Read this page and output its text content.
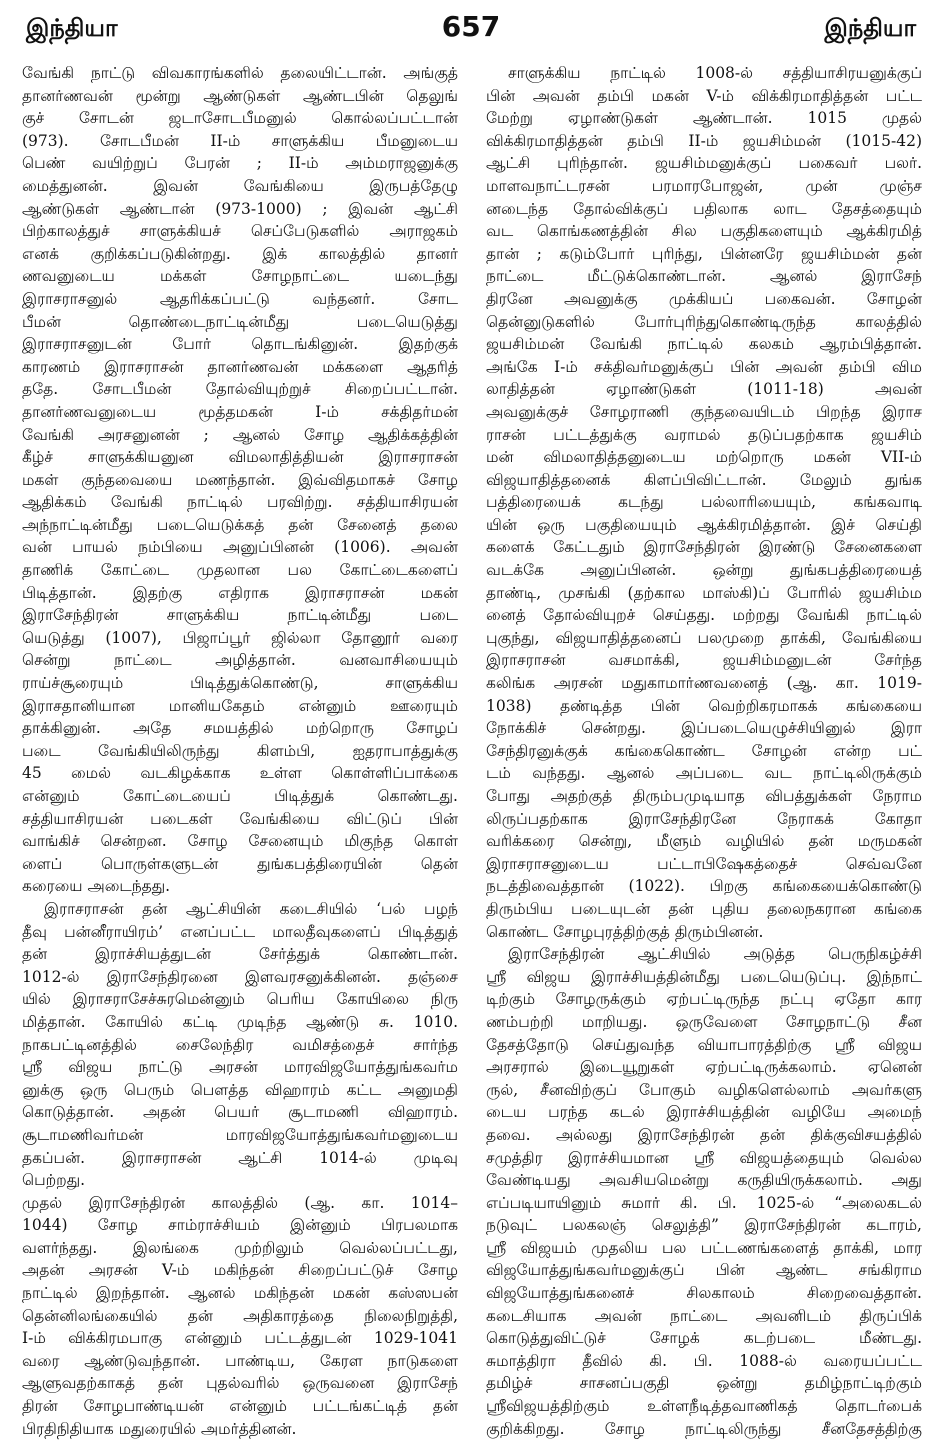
இந்தியா	657	இந்தியா
வேங்கி நாட்டு விவகாரங்களில் தலையிட்டான். அங்குத்
தானர்ணவன் மூன்று ஆண்டுகள் ஆண்டபின் தெலுங்
குச் சோடன் ஜடாசோடபீமனுல் கொல்லப்பட்டான்
(973). சோடபீமன் II-ம் சாளுக்கிய பீமனுடைய
பெண் வயிற்றுப் பேரன் ; II-ம் அம்மராஜனுக்கு
மைத்துனன். இவன் வேங்கியை இருபத்தேழு
ஆண்டுகள் ஆண்டான் (973-1000) ; இவன் ஆட்சி
பிற்காலத்துச் சாளுக்கியச் செப்பேடுகளில் அராஜகம்
எனக் குறிக்கப்படுகின்றது. இக் காலத்தில் தானர்
ணவனுடைய மக்கள் சோழநாட்டை யடைந்து
இராசராசனுல் ஆதரிக்கப்பட்டு வந்தனர். சோட
பீமன் தொண்டைநாட்டின்மீது படையெடுத்து
இராசராசனுடன் போர் தொடங்கினுன். இதற்குக்
காரணம் இராசராசன் தானர்ணவன் மக்களை ஆதரித்
ததே. சோடபீமன் தோல்வியுற்றுச் சிறைப்பட்டான்.
தானர்ணவனுடைய மூத்தமகன் I-ம் சக்திதர்மன்
வேங்கி அரசனுனன் ; ஆனல் சோழ ஆதிக்கத்தின்
கீழ்ச் சாளுக்கியனுன விமலாதித்தியன் இராசராசன்
மகள் குந்தவையை மணந்தான். இவ்விதமாகச் சோழ
ஆதிக்கம் வேங்கி நாட்டில் பரவிற்று. சத்தியாசிரயன்
அந்நாட்டின்மீது படையெடுக்கத் தன் சேனைத் தலை
வன் பாயல் நம்பியை அனுப்பினன் (1006). அவன்
தாணிக் கோட்டை முதலான பல கோட்டைகளைப்
பிடித்தான். இதற்கு எதிராக இராசராசன் மகன்
இராசேந்திரன் சாளுக்கிய நாட்டின்மீது படை
யெடுத்து (1007), பிஜாப்பூர் ஜில்லா தோனூர் வரை
சென்று நாட்டை அழித்தான். வனவாசியையும்
ராய்ச்சூரையும் பிடித்துக்கொண்டு, சாளுக்கிய
இராசதானியான மானியகேதம் என்னும் ஊரையும்
தாக்கினுன். அதே சமயத்தில் மற்றொரு சோழப்
படை வேங்கியிலிருந்து கிளம்பி, ஐதராபாத்துக்கு
45 மைல் வடகிழக்காக உள்ள கொள்ளிப்பாக்கை
என்னும் கோட்டையைப் பிடித்துக் கொண்டது.
சத்தியாசிரயன் படைகள் வேங்கியை விட்டுப் பின்
வாங்கிச் சென்றன. சோழ சேனையும் மிகுந்த கொள்
ளைப் பொருள்களுடன் துங்கபத்திரையின் தென்
கரையை அடைந்தது.
இராசராசன் தன் ஆட்சியின் கடைசியில் ‘பல் பழந்
தீவு பன்னீராயிரம்’ எனப்பட்ட மாலதீவுகளைப் பிடித்துத்
தன் இராச்சியத்துடன் சேர்த்துக் கொண்டான்.
1012-ல் இராசேந்திரனை இளவரசனுக்கினன். தஞ்சை
யில் இராசராசேச்சுரமென்னும் பெரிய கோயிலை நிரு
மித்தான். கோயில் கட்டி முடிந்த ஆண்டு சு. 1010.
நாகபட்டினத்தில் சைலேந்திர வமிசத்தைச் சார்ந்த
ஸ்ரீ விஜய நாட்டு அரசன் மாரவிஜயோத்துங்கவர்ம
னுக்கு ஒரு பெரும் பௌத்த விஹாரம் கட்ட அனுமதி
கொடுத்தான். அதன் பெயர் சூடாமணி விஹாரம்.
சூடாமணிவர்மன் மாரவிஜயோத்துங்கவர்மனுடைய
தகப்பன். இராசராசன் ஆட்சி 1014-ல் முடிவு
பெற்றது.
முதல் இராசேந்திரன் காலத்தில் (ஆ. கா. 1014–
1044) சோழ சாம்ராச்சியம் இன்னும் பிரபலமாக
வளர்ந்தது. இலங்கை முற்றிலும் வெல்லப்பட்டது,
அதன் அரசன் V-ம் மகிந்தன் சிறைப்பட்டுச் சோழ
நாட்டில் இறந்தான். ஆனல் மகிந்தன் மகன் கஸ்ஸபன்
தென்னிலங்கையில் தன் அதிகாரத்தை நிலைநிறுத்தி,
I-ம் விக்கிரமபாகு என்னும் பட்டத்துடன் 1029-1041
வரை ஆண்டுவந்தான். பாண்டிய, கேரள நாடுகளை
ஆளுவதற்காகத் தன் புதல்வரில் ஒருவனை இராசேந்
திரன் சோழபாண்டியன் என்னும் பட்டங்கட்டித் தன்
பிரதிநிதியாக மதுரையில் அமர்த்தினன்.
சாளுக்கிய நாட்டில் 1008-ல் சத்தியாசிரயனுக்குப்
பின் அவன் தம்பி மகன் V-ம் விக்கிரமாதித்தன் பட்ட
மேற்று ஏழாண்டுகள் ஆண்டான். 1015 முதல்
விக்கிரமாதித்தன் தம்பி II-ம் ஜயசிம்மன் (1015-42)
ஆட்சி புரிந்தான். ஜயசிம்மனுக்குப் பகைவர் பலர்.
மாளவநாட்டரசன் பரமாரபோஜன், முன் முஞ்ச
னடைந்த தோல்விக்குப் பதிலாக லாட தேசத்தையும்
வட கொங்கணத்தின் சில பகுதிகளையும் ஆக்கிரமித்
தான் ; கடும்போர் புரிந்து, பின்னரே ஜயசிம்மன் தன்
நாட்டை மீட்டுக்கொண்டான். ஆனல் இராசேந்
திரனே அவனுக்கு முக்கியப் பகைவன். சோழன்
தென்னுடுகளில் போர்புரிந்துகொண்டிருந்த காலத்தில்
ஜயசிம்மன் வேங்கி நாட்டில் கலகம் ஆரம்பித்தான்.
அங்கே I-ம் சக்திவர்மனுக்குப் பின் அவன் தம்பி விம
லாதித்தன் ஏழாண்டுகள் (1011-18) அவன்
அவனுக்குச் சோழராணி குந்தவையிடம் பிறந்த இராச
ராசன் பட்டத்துக்கு வராமல் தடுப்பதற்காக ஜயசிம்
மன் விமலாதித்தனுடைய மற்றொரு மகன் VII-ம்
விஜயாதித்தனைக் கிளப்பிவிட்டான். மேலும் துங்க
பத்திரையைக் கடந்து பல்லாரியையும், கங்கவாடி
யின் ஒரு பகுதியையும் ஆக்கிரமித்தான். இச் செய்தி
களைக் கேட்டதும் இராசேந்திரன் இரண்டு சேனைகளை
வடக்கே அனுப்பினன். ஒன்று துங்கபத்திரையைத்
தாண்டி, முசங்கி (தற்கால மாஸ்கி)ப் போரில் ஜயசிம்ம
னைத் தோல்வியுறச் செய்தது. மற்றது வேங்கி நாட்டில்
புகுந்து, விஜயாதித்தனைப் பலமுறை தாக்கி, வேங்கியை
இராசராசன் வசமாக்கி, ஜயசிம்மனுடன் சேர்ந்த
கலிங்க அரசன் மதுகாமார்ணவனைத் (ஆ. கா. 1019-
1038) தண்டித்த பின் வெற்றிகரமாகக் கங்கையை
நோக்கிச் சென்றது. இப்படையெழுச்சியினுல் இரா
சேந்திரனுக்குக் கங்கைகொண்ட சோழன் என்ற பட்
டம் வந்தது. ஆனல் அப்படை வட நாட்டிலிருக்கும்
போது அதற்குத் திரும்பமுடியாத விபத்துக்கள் நேராம
லிருப்பதற்காக இராசேந்திரனே நேராகக் கோதா
வரிக்கரை சென்று, மீளும் வழியில் தன் மருமகன்
இராசராசனுடைய பட்டாபிஷேகத்தைச் செவ்வனே
நடத்திவைத்தான் (1022). பிறகு கங்கையைக்கொண்டு
திரும்பிய படையுடன் தன் புதிய தலைநகரான கங்கை
கொண்ட சோழபுரத்திற்குத் திரும்பினன்.
இராசேந்திரன் ஆட்சியில் அடுத்த பெருநிகழ்ச்சி
ஸ்ரீ விஜய இராச்சியத்தின்மீது படையெடுப்பு. இந்நாட்
டிற்கும் சோழருக்கும் ஏற்பட்டிருந்த நட்பு ஏதோ கார
ணம்பற்றி மாறியது. ஒருவேளை சோழநாட்டு சீன
தேசத்தோடு செய்துவந்த வியாபாரத்திற்கு ஸ்ரீ விஜய
அரசரால் இடையூறுகள் ஏற்பட்டிருக்கலாம். ஏனென்
ருல், சீனவிற்குப் போகும் வழிகளெல்லாம் அவர்களு
டைய பரந்த கடல் இராச்சியத்தின் வழியே அமைந்
தவை. அல்லது இராசேந்திரன் தன் திக்குவிசயத்தில்
சமுத்திர இராச்சியமான ஸ்ரீ விஜயத்தையும் வெல்ல
வேண்டியது அவசியமென்று கருதியிருக்கலாம். அது
எப்படியாயினும் சுமார் கி. பி. 1025-ல் “அலைகடல்
நடுவுட் பலகலஞ் செலுத்தி” இராசேந்திரன் கடாரம்,
ஸ்ரீ விஜயம் முதலிய பல பட்டணங்களைத் தாக்கி, மார
விஜயோத்துங்கவர்மனுக்குப் பின் ஆண்ட சங்கிராம
விஜயோத்துங்கனைச் சிலகாலம் சிறைவைத்தான்.
கடைசியாக அவன் நாட்டை அவனிடம் திருப்பிக்
கொடுத்துவிட்டுச் சோழக் கடற்படை மீண்டது.
சுமாத்திரா தீவில் கி. பி. 1088-ல் வரையப்பட்ட
தமிழ்ச் சாசனப்பகுதி ஒன்று தமிழ்நாட்டிற்கும்
ஸ்ரீவிஜயத்திற்கும் உள்ளநீடித்தவாணிகத் தொடர்பைக்
குறிக்கிறது. சோழ நாட்டிலிருந்து சீனதேசத்திற்கு
